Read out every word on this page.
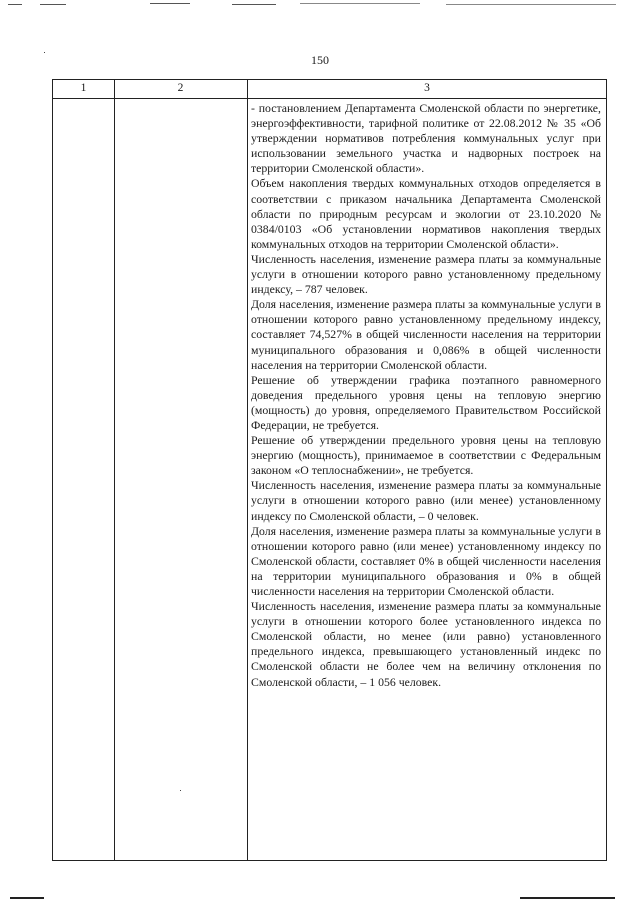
150
1	2	3

- постановлением Департамента Смоленской области по энергетике, энергоэффективности, тарифной политике от 22.08.2012 № 35 «Об утверждении нормативов потребления коммунальных услуг при использовании земельного участка и надворных построек на территории Смоленской области».

Объем накопления твердых коммунальных отходов определяется в соответствии с приказом начальника Департамента Смоленской области по природным ресурсам и экологии от 23.10.2020 № 0384/0103 «Об установлении нормативов накопления твердых коммунальных отходов на территории Смоленской области».

Численность населения, изменение размера платы за коммунальные услуги в отношении которого равно установленному предельному индексу, – 787 человек.

Доля населения, изменение размера платы за коммунальные услуги в отношении которого равно установленному предельному индексу, составляет 74,527% в общей численности населения на территории муниципального образования и 0,086% в общей численности населения на территории Смоленской области.

Решение об утверждении графика поэтапного равномерного доведения предельного уровня цены на тепловую энергию (мощность) до уровня, определяемого Правительством Российской Федерации, не требуется.

Решение об утверждении предельного уровня цены на тепловую энергию (мощность), принимаемое в соответствии с Федеральным законом «О теплоснабжении», не требуется.

Численность населения, изменение размера платы за коммунальные услуги в отношении которого равно (или менее) установленному индексу по Смоленской области, – 0 человек.

Доля населения, изменение размера платы за коммунальные услуги в отношении которого равно (или менее) установленному индексу по Смоленской области, составляет 0% в общей численности населения на территории муниципального образования и 0% в общей численности населения на территории Смоленской области.

Численность населения, изменение размера платы за коммунальные услуги в отношении которого более установленного индекса по Смоленской области, но менее (или равно) установленного предельного индекса, превышающего установленный индекс по Смоленской области не более чем на величину отклонения по Смоленской области, – 1 056 человек.
